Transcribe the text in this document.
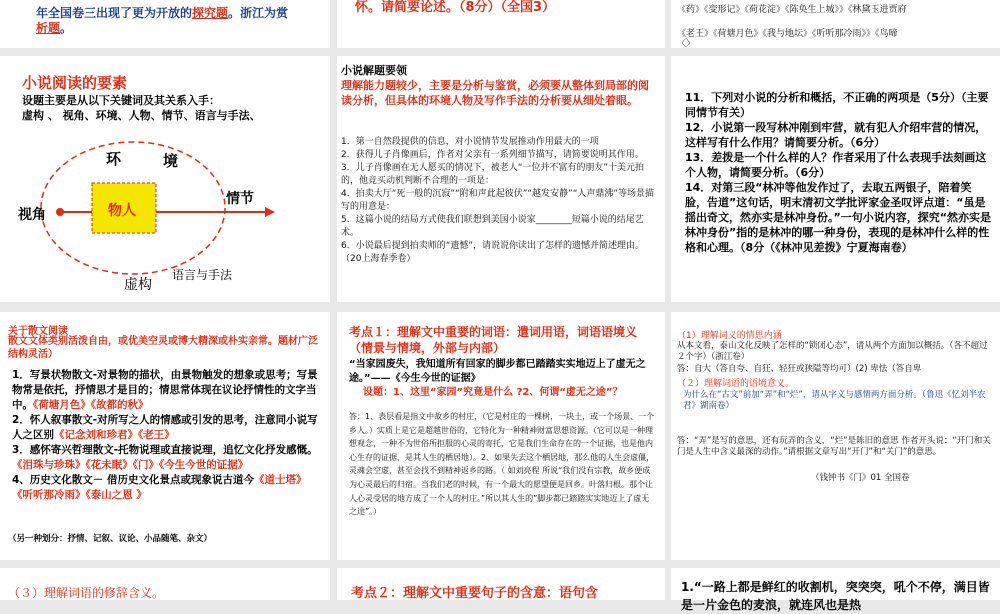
年全国卷三出现了更为开放的探究题。浙江为赏
析题。

怀。请简要论述。（8分）（全国3）	《药》《变形记》《荷花淀》《陈奂生上城》》《林黛玉进贾府

《老王》《荷塘月色》《我与地坛》《听听那冷雨》》《鸟啼

〈〉

小说阅读的要素

设题主要是从以下关键词及其关系入手：

虚构 、 视角、环境、人物、情节、语言与手法、

环	境
情节
视角	物人
语言与手法
虚构

小说解题要领

理解能力题较少，主要是分析与鉴赏，必须要从整体到局部的阅读分析，但具体的环境人物及写作手法的分析要从细处着眼。

1．第一自然段提供的信息，对小说情节发展推动作用最大的一项

2．获得儿子肖像画后，作者对父亲有一系列细节描写，请简要说明其作用。

3．儿子肖像画在无人愿买的情况下，被老人“一位并不富有的朋友”十美元拍的，他竞买动机判断不合理的一项是：

4．拍卖大厅“死一般的沉寂”“附和声此起彼伏”“越发安静”“人声鼎沸”等场景描写的用意是：

5．这篇小说的结局方式使我们联想到美国小说家________短篇小说的结尾艺术。

6．小说最后提到拍卖师的“遗憾”，请说说你读出了怎样的遗憾并简述理由。（20上海春季卷）

11．下列对小说的分析和概括，不正确的两项是（5分）（主要同情节有关）

12．小说第一段写林冲刚到牢营，就有犯人介绍牢营的情况，这样写有什么作用？请简要分析。（6分）

13．差拨是一个什么样的人？作者采用了什么表现手法刻画这个人物，请简要分析。（6分）

14．对第三段“林冲等他发作过了，去取五两银子，陪着笑脸，告道”这句话，明末清初文学批评家金圣叹评点道：“虽是揺出奇文，然亦实是林冲身份。”一句小说内容，探究“然亦实是林冲身份”指的是林冲的哪一种身份，表现的是林冲什么样的性格和心理。（8分（《林冲见差拨》宁夏海南卷）

关于散文阅读

散文文体类别活泼自由，或优美空灵或博大精深或朴实亲常。题材广泛结构灵活）

1．写景状物散文-对景物的描状，由景物触发的想象或思考；写景物常是依托，抒情思才是目的；情思常体现在议论抒情性的文字当中。《荷塘月色》《故都的秋》

2．怀人叙事散文-对所写之人的情感或引发的思考，注意同小说写人之区别《记念刘和珍君》《老王》

3．感怀寄兴哲理散文-托物说理或直接说理，追忆文化抒发感慨。《泪珠与珍珠》《花未眠》《门》《今生今世的证据》

4、历史文化散文－ 借历史文化景点或现象说古道今《道士塔》《听听那冷雨》《泰山之恩 》

（另一种划分：抒情、记叙、议论、小品随笔、杂文）

考点１：理解文中重要的词语：遣词用语，词语语境义（情景与情境，外部与内部）

“当家园废失，我知道所有回家的脚步都已踏踏实实地迈上了虚无之途。”——《今生今世的证据》

设题：1、这里“家园”究竟是什么 ?2、何谓“虚无之途”？

答：1、表层看是指文中故乡的村庄，（它是村庄的一棵树，一块土，或一个场景、一个乡人。）实质上是它是超越世俗的，它特化为一种精神财富思想资源。（它可以是一种理想观念，一种不为世俗所拒服的心灵的寄托，它是我们生命存在的一个证据，也是他内心生存的证据，是其人生的栖居地）。2、如果失去这个栖居地，那么他的人生会虚僵，灵魂会空虚，甚至会找不到精神返乡的路。（ 如刘亮程 所说“我们没有宗教，故乡便成为心灵最后的归宿。当我们老的时候，有一个最大的愿望便是回乡。叶落归根。那个让人心灵受居的地方成了一个人的村庄。”所以其人生的”脚步都已踏踏实实地迈上了虚无之途”。）

（1）理解词义的情思内涵

从本文看，泰山文化反映了怎样的“锁闭心态”，请从两个方面加以概括。（各不超过２个字）（浙江卷）

答：自大（答自夸、自狂、轻狂或狭隘等均可）(2) 卑怯（答自卑

（２）理解词语的语境意义。

为什么在“古文”前加“弄”和“烂”，请从字义与感情两方面分析。（鲁迅《忆刘半农君》湖南卷）

答：“弄”是写的意思，还有玩弄的含义，“烂”是陈旧的意思 作者开头说：“开门和关门是人生中含义最深的动作。”请根据文章写出“开门”和“关门”的意思。

（钱钟书《门》01 全国卷

（３）理解词语的修辞含义。	考点２：理解文中重要句子的含意：语句含	1.“一路上都是鲜红的收割机，突突突，吼个不停，满目皆是一片金色的麦浪，就连风也是热
